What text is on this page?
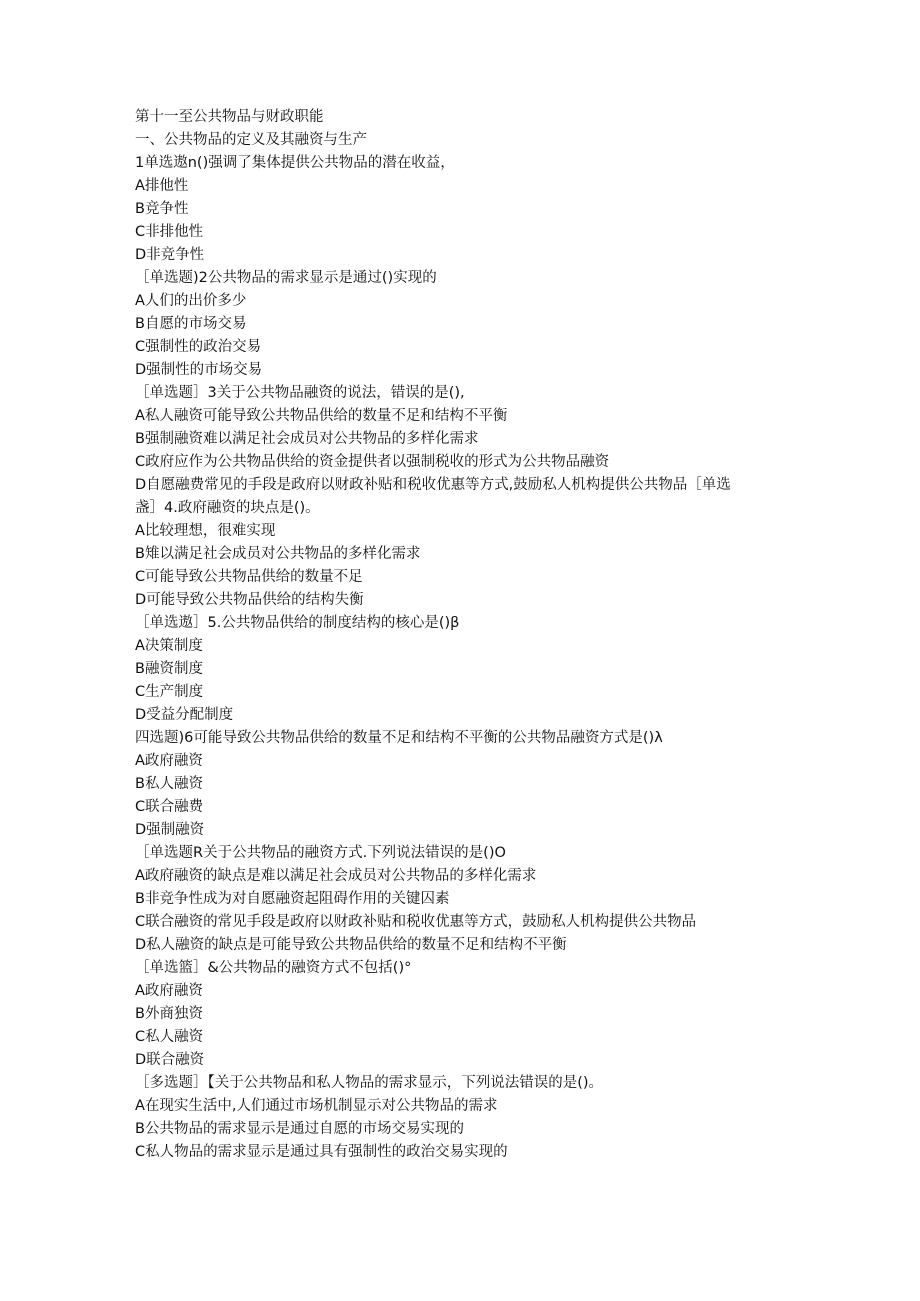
第十一至公共物品与财政职能
一、公共物品的定义及其融资与生产
1单选遨n()强调了集体提供公共物品的潜在收益，
A排他性
B竞争性
C非排他性
D非竞争性
［单选题)2公共物品的需求显示是通过()实现的
A人们的出价多少
B自愿的市场交易
C强制性的政治交易
D强制性的市场交易
［单选题］3关于公共物品融资的说法，错误的是(),
A私人融资可能导致公共物品供给的数量不足和结构不平衡
B强制融资难以满足社会成员对公共物品的多样化需求
C政府应作为公共物品供给的资金提供者以强制税收的形式为公共物品融资
D自愿融费常见的手段是政府以财政补贴和税收优惠等方式,鼓励私人机构提供公共物品［单选
盏］4.政府融资的块点是()。
A比较理想，很难实现
B雉以满足社会成员对公共物品的多样化需求
C可能导致公共物品供给的数量不足
D可能导致公共物品供给的结构失衡
［单选遨］5.公共物品供给的制度结构的核心是()β
A决策制度
B融资制度
C生产制度
D受益分配制度
四选题)6可能导致公共物品供给的数量不足和结构不平衡的公共物品融资方式是()λ
A政府融资
B私人融资
C联合融费
D强制融资
［单选题R关于公共物品的融资方式.下列说法错误的是()O
A政府融资的缺点是难以满足社会成员对公共物品的多样化需求
B非竞争性成为对自愿融资起阻碍作用的关键囚素
C联合融资的常见手段是政府以财政补贴和税收优惠等方式，鼓励私人机构提供公共物品
D私人融资的缺点是可能导致公共物品供给的数量不足和结构不平衡
［单选篮］&公共物品的融资方式不包括()°
A政府融资
B外商独资
C私人融资
D联合融资
［多选题］【关于公共物品和私人物品的需求显示，下列说法错误的是()。
A在现实生活中,人们通过市场机制显示对公共物品的需求
B公共物品的需求显示是通过自愿的市场交易实现的
C私人物品的需求显示是通过具有强制性的政治交易实现的
